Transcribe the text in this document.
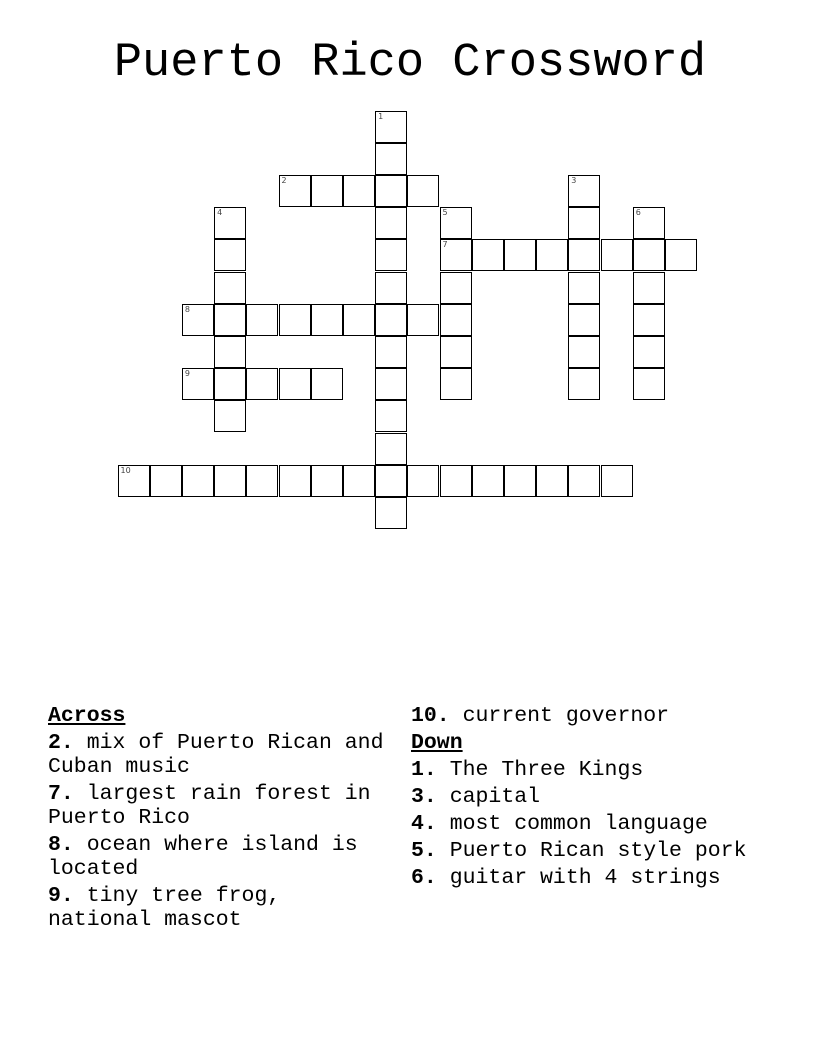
Puerto Rico Crossword
1
2	3
4	5
7
6
8
9
10
Across
2. mix of Puerto Rican and Cuban music
7. largest rain forest in Puerto Rico
8. ocean where island is located
9. tiny tree frog, national mascot
10. current governor
Down
1. The Three Kings
3. capital
4. most common language
5. Puerto Rican style pork
6. guitar with 4 strings
